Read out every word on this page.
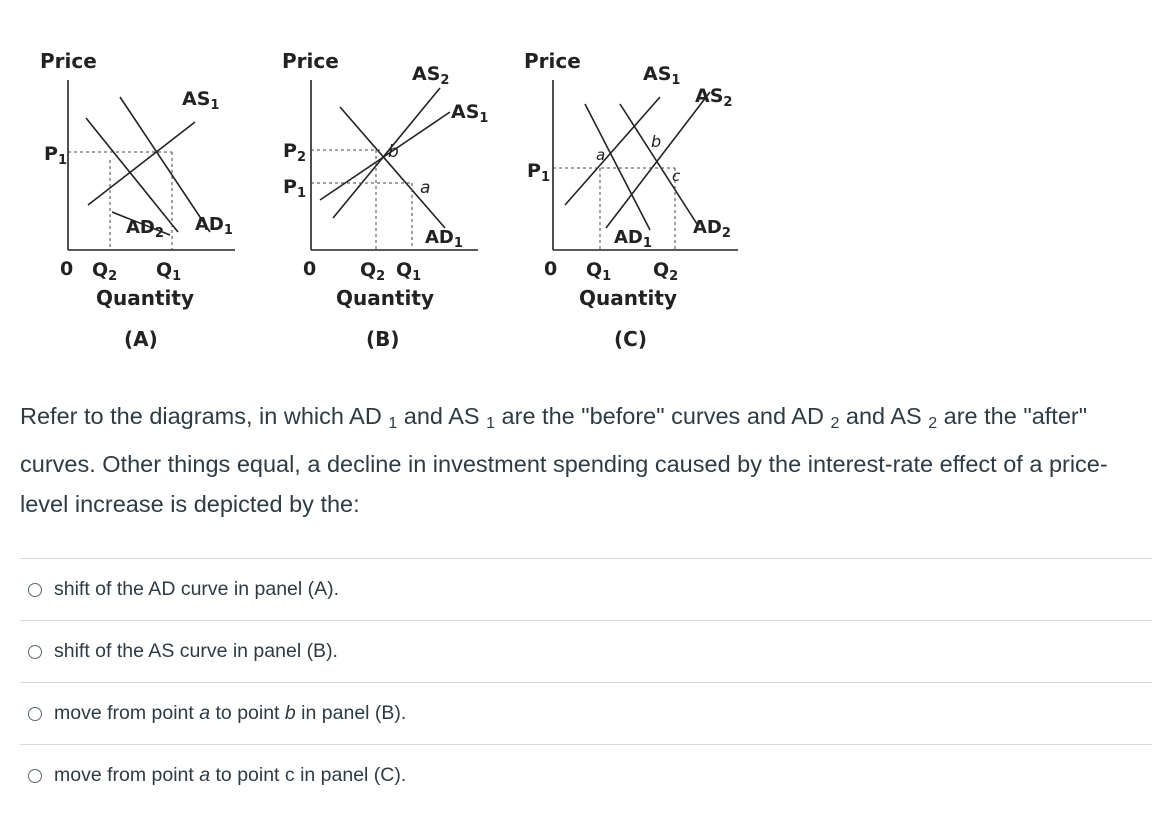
Price
$P_1$
$AS_1$
$AD_2$ $AD_1$
0 $Q_2$ $Q_1$
Quantity
(A)
Price
$P_2$
$P_1$
$AS_2$
$AS_1$
$AD_1$
b
a
0 $Q_2$ $Q_1$
Quantity
(B)
Price
$P_1$
$AS_1$
$AS_2$
$AD_1$
$AD_2$
a
b
c
0 $Q_1$ $Q_2$
Quantity
(C)
Refer to the diagrams, in which AD $_1$ and AS $_1$ are the "before" curves and AD $_2$ and AS $_2$ are the "after" curves. Other things equal, a decline in investment spending caused by the interest-rate effect of a price-level increase is depicted by the:
shift of the AD curve in panel (A).
shift of the AS curve in panel (B).
move from point a to point b in panel (B).
move from point a to point c in panel (C).
